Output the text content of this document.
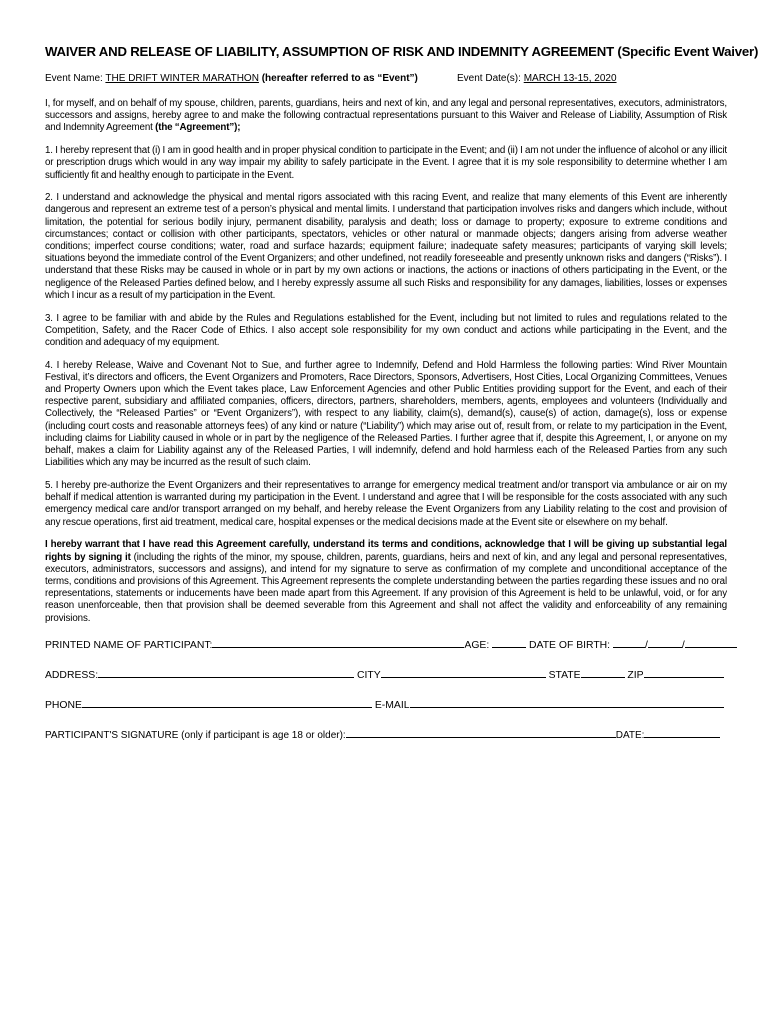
WAIVER AND RELEASE OF LIABILITY, ASSUMPTION OF RISK AND INDEMNITY AGREEMENT (Specific Event Waiver)
Event Name: THE DRIFT WINTER MARATHON (hereafter referred to as “Event”)	Event Date(s): MARCH 13-15, 2020

I, for myself, and on behalf of my spouse, children, parents, guardians, heirs and next of kin, and any legal and personal representatives, executors, administrators, successors and assigns, hereby agree to and make the following contractual representations pursuant to this Waiver and Release of Liability, Assumption of Risk and Indemnity Agreement (the “Agreement”);

1. I hereby represent that (i) I am in good health and in proper physical condition to participate in the Event; and (ii) I am not under the influence of alcohol or any illicit or prescription drugs which would in any way impair my ability to safely participate in the Event. I agree that it is my sole responsibility to determine whether I am sufficiently fit and healthy enough to participate in the Event.

2. I understand and acknowledge the physical and mental rigors associated with this racing Event, and realize that many elements of this Event are inherently dangerous and represent an extreme test of a person’s physical and mental limits. I understand that participation involves risks and dangers which include, without limitation, the potential for serious bodily injury, permanent disability, paralysis and death; loss or damage to property; exposure to extreme conditions and circumstances; contact or collision with other participants, spectators, vehicles or other natural or manmade objects; dangers arising from adverse weather conditions; imperfect course conditions; water, road and surface hazards; equipment failure; inadequate safety measures; participants of varying skill levels; situations beyond the immediate control of the Event Organizers; and other undefined, not readily foreseeable and presently unknown risks and dangers (“Risks”). I understand that these Risks may be caused in whole or in part by my own actions or inactions, the actions or inactions of others participating in the Event, or the negligence of the Released Parties defined below, and I hereby expressly assume all such Risks and responsibility for any damages, liabilities, losses or expenses which I incur as a result of my participation in the Event.

3. I agree to be familiar with and abide by the Rules and Regulations established for the Event, including but not limited to rules and regulations related to the Competition, Safety, and the Racer Code of Ethics. I also accept sole responsibility for my own conduct and actions while participating in the Event, and the condition and adequacy of my equipment.

4. I hereby Release, Waive and Covenant Not to Sue, and further agree to Indemnify, Defend and Hold Harmless the following parties: Wind River Mountain Festival, it’s directors and officers, the Event Organizers and Promoters, Race Directors, Sponsors, Advertisers, Host Cities, Local Organizing Committees, Venues and Property Owners upon which the Event takes place, Law Enforcement Agencies and other Public Entities providing support for the Event, and each of their respective parent, subsidiary and affiliated companies, officers, directors, partners, shareholders, members, agents, employees and volunteers (Individually and Collectively, the “Released Parties” or “Event Organizers”), with respect to any liability, claim(s), demand(s), cause(s) of action, damage(s), loss or expense (including court costs and reasonable attorneys fees) of any kind or nature (“Liability”) which may arise out of, result from, or relate to my participation in the Event, including claims for Liability caused in whole or in part by the negligence of the Released Parties. I further agree that if, despite this Agreement, I, or anyone on my behalf, makes a claim for Liability against any of the Released Parties, I will indemnify, defend and hold harmless each of the Released Parties from any such Liabilities which any may be incurred as the result of such claim.

5. I hereby pre-authorize the Event Organizers and their representatives to arrange for emergency medical treatment and/or transport via ambulance or air on my behalf if medical attention is warranted during my participation in the Event. I understand and agree that I will be responsible for the costs associated with any such emergency medical care and/or transport arranged on my behalf, and hereby release the Event Organizers from any Liability relating to the cost and provision of any rescue operations, first aid treatment, medical care, hospital expenses or the medical decisions made at the Event site or elsewhere on my behalf.

I hereby warrant that I have read this Agreement carefully, understand its terms and conditions, acknowledge that I will be giving up substantial legal rights by signing it (including the rights of the minor, my spouse, children, parents, guardians, heirs and next of kin, and any legal and personal representatives, executors, administrators, successors and assigns), and intend for my signature to serve as confirmation of my complete and unconditional acceptance of the terms, conditions and provisions of this Agreement. This Agreement represents the complete understanding between the parties regarding these issues and no oral representations, statements or inducements have been made apart from this Agreement. If any provision of this Agreement is held to be unlawful, void, or for any reason unenforceable, then that provision shall be deemed severable from this Agreement and shall not affect the validity and enforceability of any remaining provisions.

PRINTED NAME OF PARTICIPANT:	AGE:	DATE OF BIRTH:	/	/
ADDRESS:	CITY	STATE	ZIP
PHONE	E-MAIL
PARTICIPANT'S SIGNATURE (only if participant is age 18 or older):	DATE:
